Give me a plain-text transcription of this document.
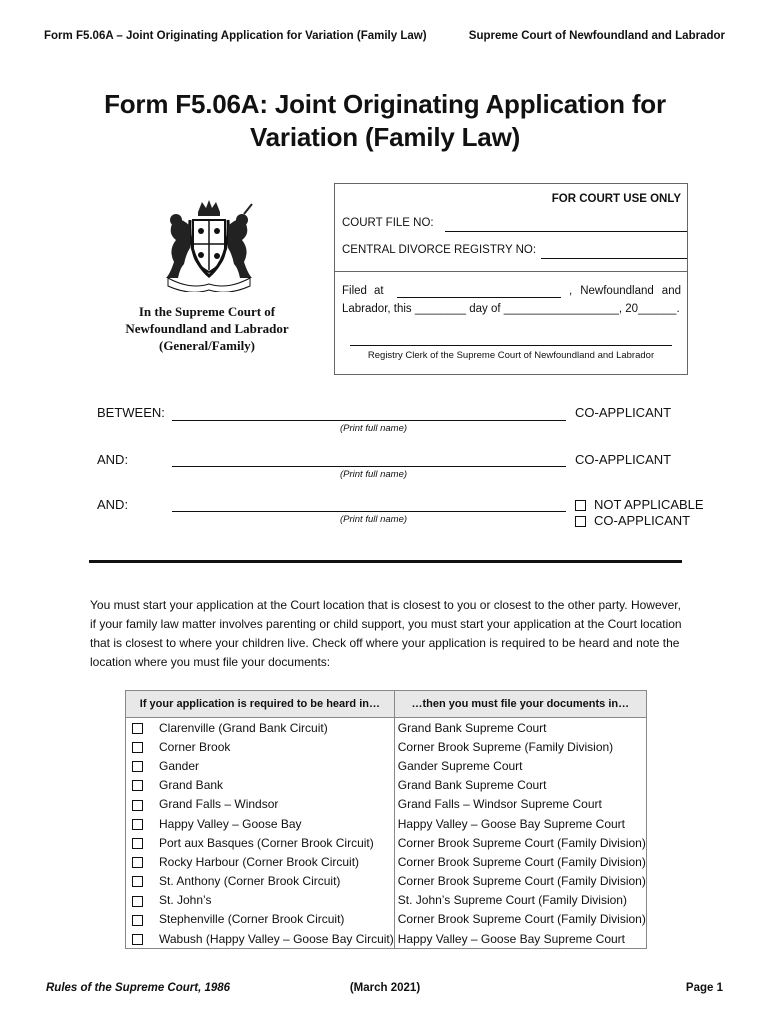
Form F5.06A – Joint Originating Application for Variation (Family Law)	Supreme Court of Newfoundland and Labrador
Form F5.06A: Joint Originating Application for
Variation (Family Law)
In the Supreme Court of
Newfoundland and Labrador
(General/Family)
FOR COURT USE ONLY
COURT FILE NO:
CENTRAL DIVORCE REGISTRY NO:
Filed at	, Newfoundland and
Labrador, this ________ day of __________________, 20______.
Registry Clerk of the Supreme Court of Newfoundland and Labrador
BETWEEN:
(Print full name)
CO-APPLICANT
AND:
(Print full name)
CO-APPLICANT
AND:
(Print full name)
NOT APPLICABLE
CO-APPLICANT
You must start your application at the Court location that is closest to you or closest to the other party. However, if your family law matter involves parenting or child support, you must start your application at the Court location that is closest to where your children live. Check off where your application is required to be heard and note the location where you must file your documents:
If your application is required to be heard in…	…then you must file your documents in…
Clarenville (Grand Bank Circuit)	Grand Bank Supreme Court
Corner Brook	Corner Brook Supreme (Family Division)
Gander	Gander Supreme Court
Grand Bank	Grand Bank Supreme Court
Grand Falls – Windsor	Grand Falls – Windsor Supreme Court
Happy Valley – Goose Bay	Happy Valley – Goose Bay Supreme Court
Port aux Basques (Corner Brook Circuit)	Corner Brook Supreme Court (Family Division)
Rocky Harbour (Corner Brook Circuit)	Corner Brook Supreme Court (Family Division)
St. Anthony (Corner Brook Circuit)	Corner Brook Supreme Court (Family Division)
St. John’s	St. John’s Supreme Court (Family Division)
Stephenville (Corner Brook Circuit)	Corner Brook Supreme Court (Family Division)
Wabush (Happy Valley – Goose Bay Circuit)	Happy Valley – Goose Bay Supreme Court
Rules of the Supreme Court, 1986	(March 2021)	Page 1
